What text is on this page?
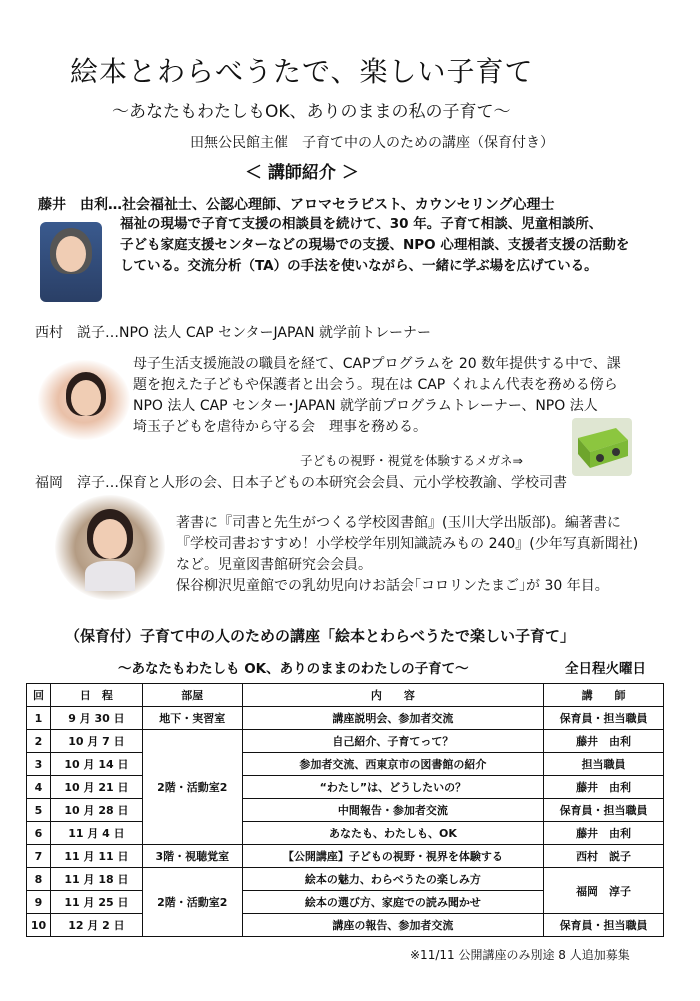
絵本とわらべうたで、楽しい子育て
～あなたもわたしもOK、ありのままの私の子育て～
田無公民館主催　子育て中の人のための講座（保育付き）
＜ 講師紹介 ＞
藤井　由利…社会福祉士、公認心理師、アロマセラピスト、カウンセリング心理士
福祉の現場で子育て支援の相談員を続けて、30 年。子育て相談、児童相談所、
子ども家庭支援センターなどの現場での支援、NPO 心理相談、支援者支援の活動を
している。交流分析（TA）の手法を使いながら、一緒に学ぶ場を広げている。
西村　説子…NPO 法人 CAP センターJAPAN 就学前トレーナー
母子生活支援施設の職員を経て、CAPプログラムを 20 数年提供する中で、課
題を抱えた子どもや保護者と出会う。現在は CAP くれよん代表を務める傍ら
NPO 法人 CAP センター･JAPAN 就学前プログラムトレーナー、NPO 法人
埼玉子どもを虐待から守る会　理事を務める。
子どもの視野・視覚を体験するメガネ⇒
福岡　淳子…保育と人形の会、日本子どもの本研究会会員、元小学校教諭、学校司書
著書に『司書と先生がつくる学校図書館』(玉川大学出版部)。編著書に
『学校司書おすすめ！小学校学年別知識読みもの 240』(少年写真新聞社)
など。児童図書館研究会会員。
保谷柳沢児童館での乳幼児向けお話会｢コロリンたまご｣が 30 年目。
（保育付）子育て中の人のための講座「絵本とわらべうたで楽しい子育て」
～あなたもわたしも OK、ありのままのわたしの子育て～	全日程火曜日
回	日　程	部屋	内　　容	講　　師
1	9 月 30 日	地下・実習室	講座説明会、参加者交流	保育員・担当職員
2	10 月 7 日	2階・活動室2	自己紹介、子育てって？	藤井　由利
3	10 月 14 日		参加者交流、西東京市の図書館の紹介	担当職員
4	10 月 21 日		“わたし”は、どうしたいの？	藤井　由利
5	10 月 28 日		中間報告・参加者交流	保育員・担当職員
6	11 月 4 日		あなたも、わたしも、OK	藤井　由利
7	11 月 11 日	3階・視聴覚室	【公開講座】子どもの視野・視界を体験する	西村　説子
8	11 月 18 日	2階・活動室2	絵本の魅力、わらべうたの楽しみ方	福岡　淳子
9	11 月 25 日		絵本の選び方、家庭での読み聞かせ	
10	12 月 2 日		講座の報告、参加者交流	保育員・担当職員
※11/11 公開講座のみ別途 8 人追加募集
